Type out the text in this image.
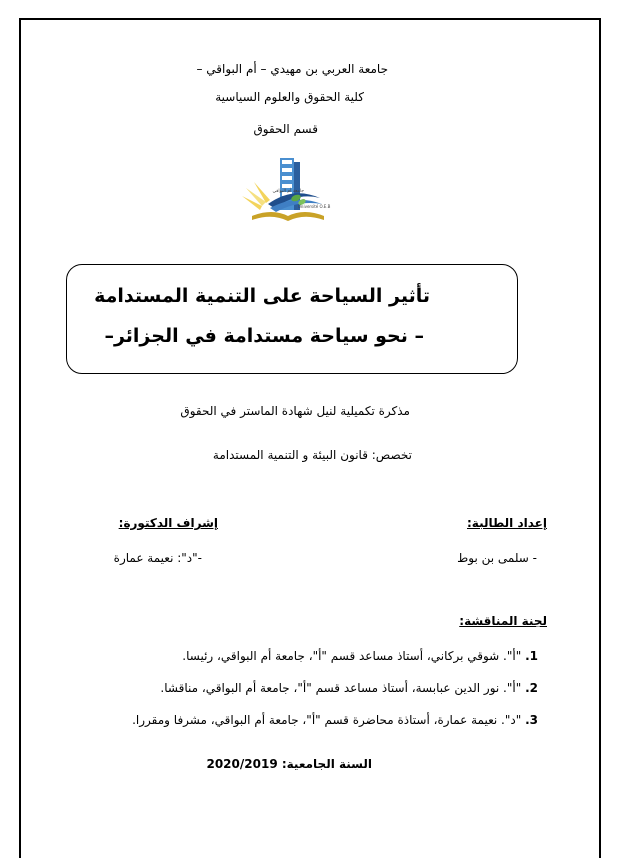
جامعة العربي بن مهيدي – أم البواقي –
كلية الحقوق والعلوم السياسية
قسم الحقوق
جامعة أم البواقي
Université O.E.B
تأثير السياحة على التنمية المستدامة
– نحو سياحة مستدامة في الجزائر–
مذكرة تكميلية لنيل شهادة الماستر في الحقوق
تخصص: قانون البيئة و التنمية المستدامة
إعداد الطالبة:
- سلمى بن بوط
إشراف الدكتورة:
-"د": نعيمة عمارة
لجنة المناقشة:
1. "أ". شوقي بركاني، أستاذ مساعد قسم "أ"، جامعة أم البواقي، رئيسا.
2. "أ". نور الدين عبابسة، أستاذ مساعد قسم "أ"، جامعة أم البواقي، مناقشا.
3. "د". نعيمة عمارة، أستاذة محاضرة قسم "أ"، جامعة أم البواقي، مشرفا ومقررا.
السنة الجامعية: 2020/2019
